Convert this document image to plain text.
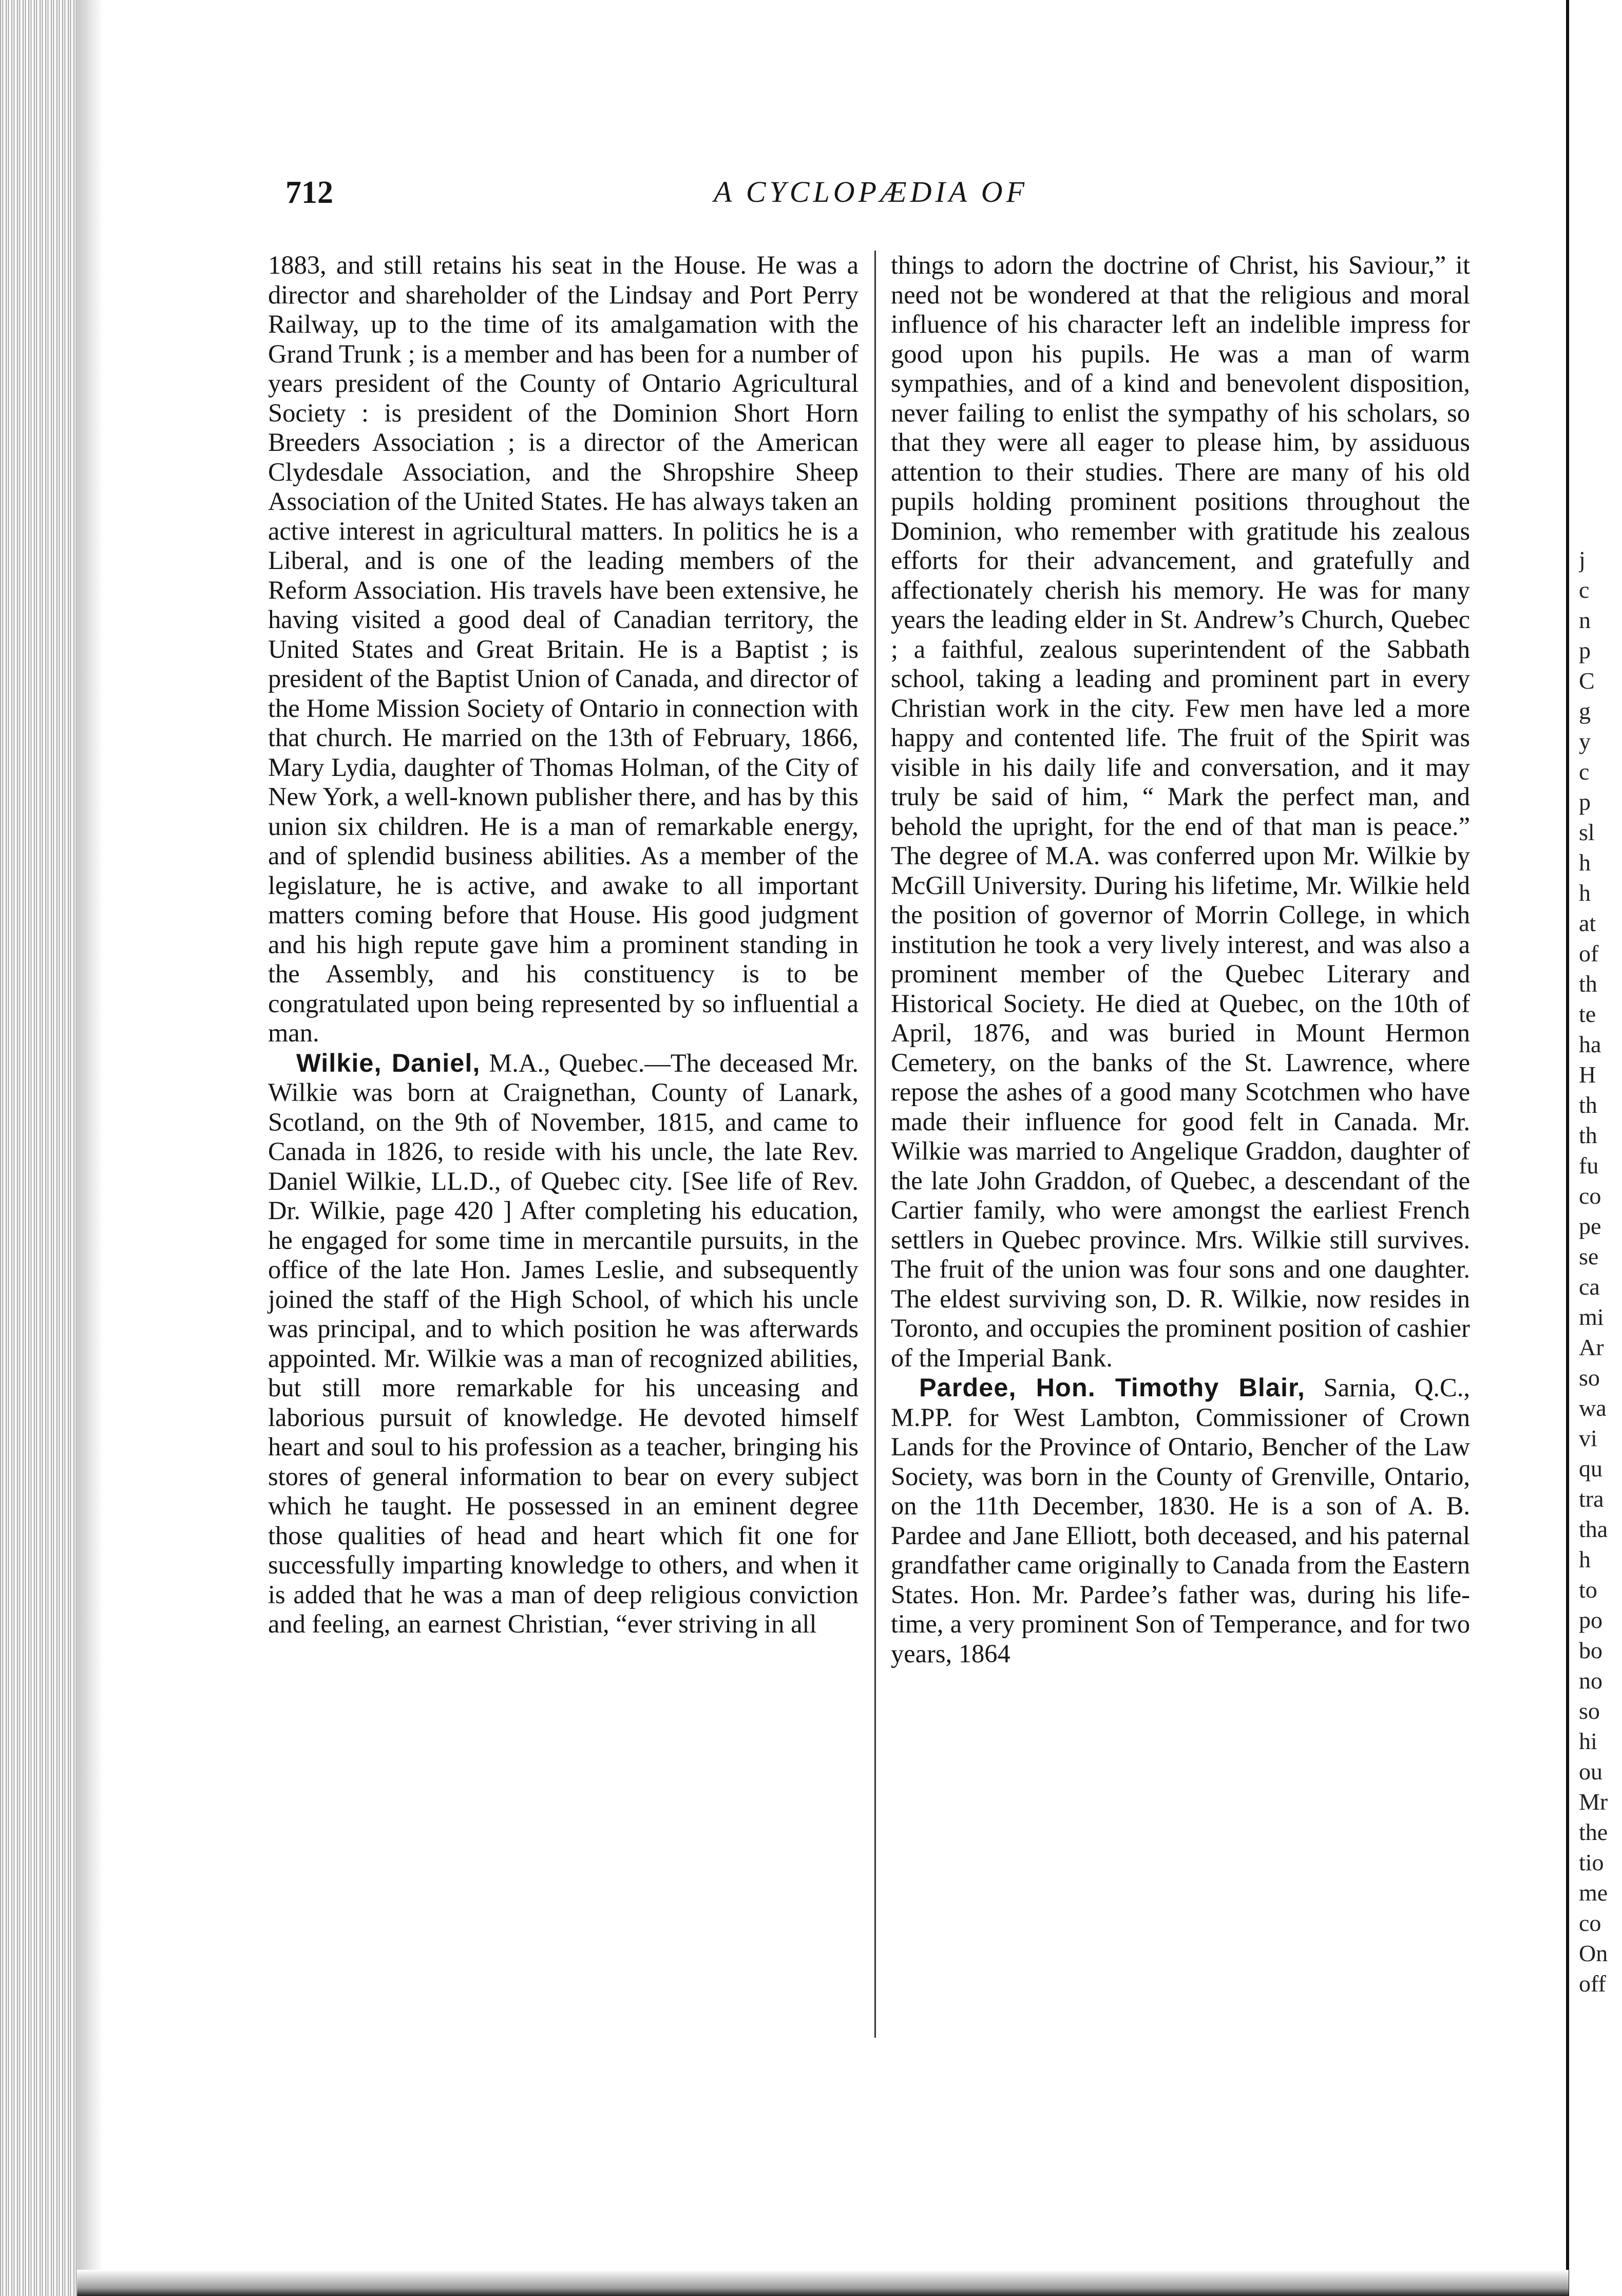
712	A CYCLOPÆDIA OF

1883, and still retains his seat in the House. He was a director and shareholder of the Lindsay and Port Perry Railway, up to the time of its amalgamation with the Grand Trunk ; is a member and has been for a number of years president of the County of Ontario Agricultural Society : is president of the Dominion Short Horn Breeders Association ; is a director of the American Clydesdale Association, and the Shropshire Sheep Association of the United States. He has always taken an active interest in agricultural matters. In politics he is a Liberal, and is one of the leading members of the Reform Association. His travels have been extensive, he having visited a good deal of Canadian territory, the United States and Great Britain. He is a Baptist ; is president of the Baptist Union of Canada, and director of the Home Mission Society of Ontario in connection with that church. He married on the 13th of February, 1866, Mary Lydia, daughter of Thomas Holman, of the City of New York, a well-known publisher there, and has by this union six children. He is a man of remarkable energy, and of splendid business abilities. As a member of the legislature, he is active, and awake to all important matters coming before that House. His good judgment and his high repute gave him a prominent standing in the Assembly, and his constituency is to be congratulated upon being represented by so influential a man.

Wilkie, Daniel, M.A., Quebec.—The deceased Mr. Wilkie was born at Craignethan, County of Lanark, Scotland, on the 9th of November, 1815, and came to Canada in 1826, to reside with his uncle, the late Rev. Daniel Wilkie, LL.D., of Quebec city. [See life of Rev. Dr. Wilkie, page 420 ] After completing his education, he engaged for some time in mercantile pursuits, in the office of the late Hon. James Leslie, and subsequently joined the staff of the High School, of which his uncle was principal, and to which position he was afterwards appointed. Mr. Wilkie was a man of recognized abilities, but still more remarkable for his unceasing and laborious pursuit of knowledge. He devoted himself heart and soul to his profession as a teacher, bringing his stores of general information to bear on every subject which he taught. He possessed in an eminent degree those qualities of head and heart which fit one for successfully imparting knowledge to others, and when it is added that he was a man of deep religious conviction and feeling, an earnest Christian, “ever striving in all

things to adorn the doctrine of Christ, his Saviour,” it need not be wondered at that the religious and moral influence of his character left an indelible impress for good upon his pupils. He was a man of warm sympathies, and of a kind and benevolent disposition, never failing to enlist the sympathy of his scholars, so that they were all eager to please him, by assiduous attention to their studies. There are many of his old pupils holding prominent positions throughout the Dominion, who remember with gratitude his zealous efforts for their advancement, and gratefully and affectionately cherish his memory. He was for many years the leading elder in St. Andrew’s Church, Quebec ; a faithful, zealous superintendent of the Sabbath school, taking a leading and prominent part in every Christian work in the city. Few men have led a more happy and contented life. The fruit of the Spirit was visible in his daily life and conversation, and it may truly be said of him, “ Mark the perfect man, and behold the upright, for the end of that man is peace.” The degree of M.A. was conferred upon Mr. Wilkie by McGill University. During his lifetime, Mr. Wilkie held the position of governor of Morrin College, in which institution he took a very lively interest, and was also a prominent member of the Quebec Literary and Historical Society. He died at Quebec, on the 10th of April, 1876, and was buried in Mount Hermon Cemetery, on the banks of the St. Lawrence, where repose the ashes of a good many Scotchmen who have made their influence for good felt in Canada. Mr. Wilkie was married to Angelique Graddon, daughter of the late John Graddon, of Quebec, a descendant of the Cartier family, who were amongst the earliest French settlers in Quebec province. Mrs. Wilkie still survives. The fruit of the union was four sons and one daughter. The eldest surviving son, D. R. Wilkie, now resides in Toronto, and occupies the prominent position of cashier of the Imperial Bank.

Pardee, Hon. Timothy Blair, Sarnia, Q.C., M.PP. for West Lambton, Commissioner of Crown Lands for the Province of Ontario, Bencher of the Law Society, was born in the County of Grenville, Ontario, on the 11th December, 1830. He is a son of A. B. Pardee and Jane Elliott, both deceased, and his paternal grandfather came originally to Canada from the Eastern States. Hon. Mr. Pardee’s father was, during his life-time, a very prominent Son of Temperance, and for two years, 1864

j
c
n
p
C
g
y
c
p
sl
h
h
at
of
th
te
ha
H
th
th
fu
co
pe
se
ca
mi
Ar
so
wa
vi
qu
tra
tha
h
to
po
bo
no
so
hi
ou
Mr
the
tio
me
co
On
off
